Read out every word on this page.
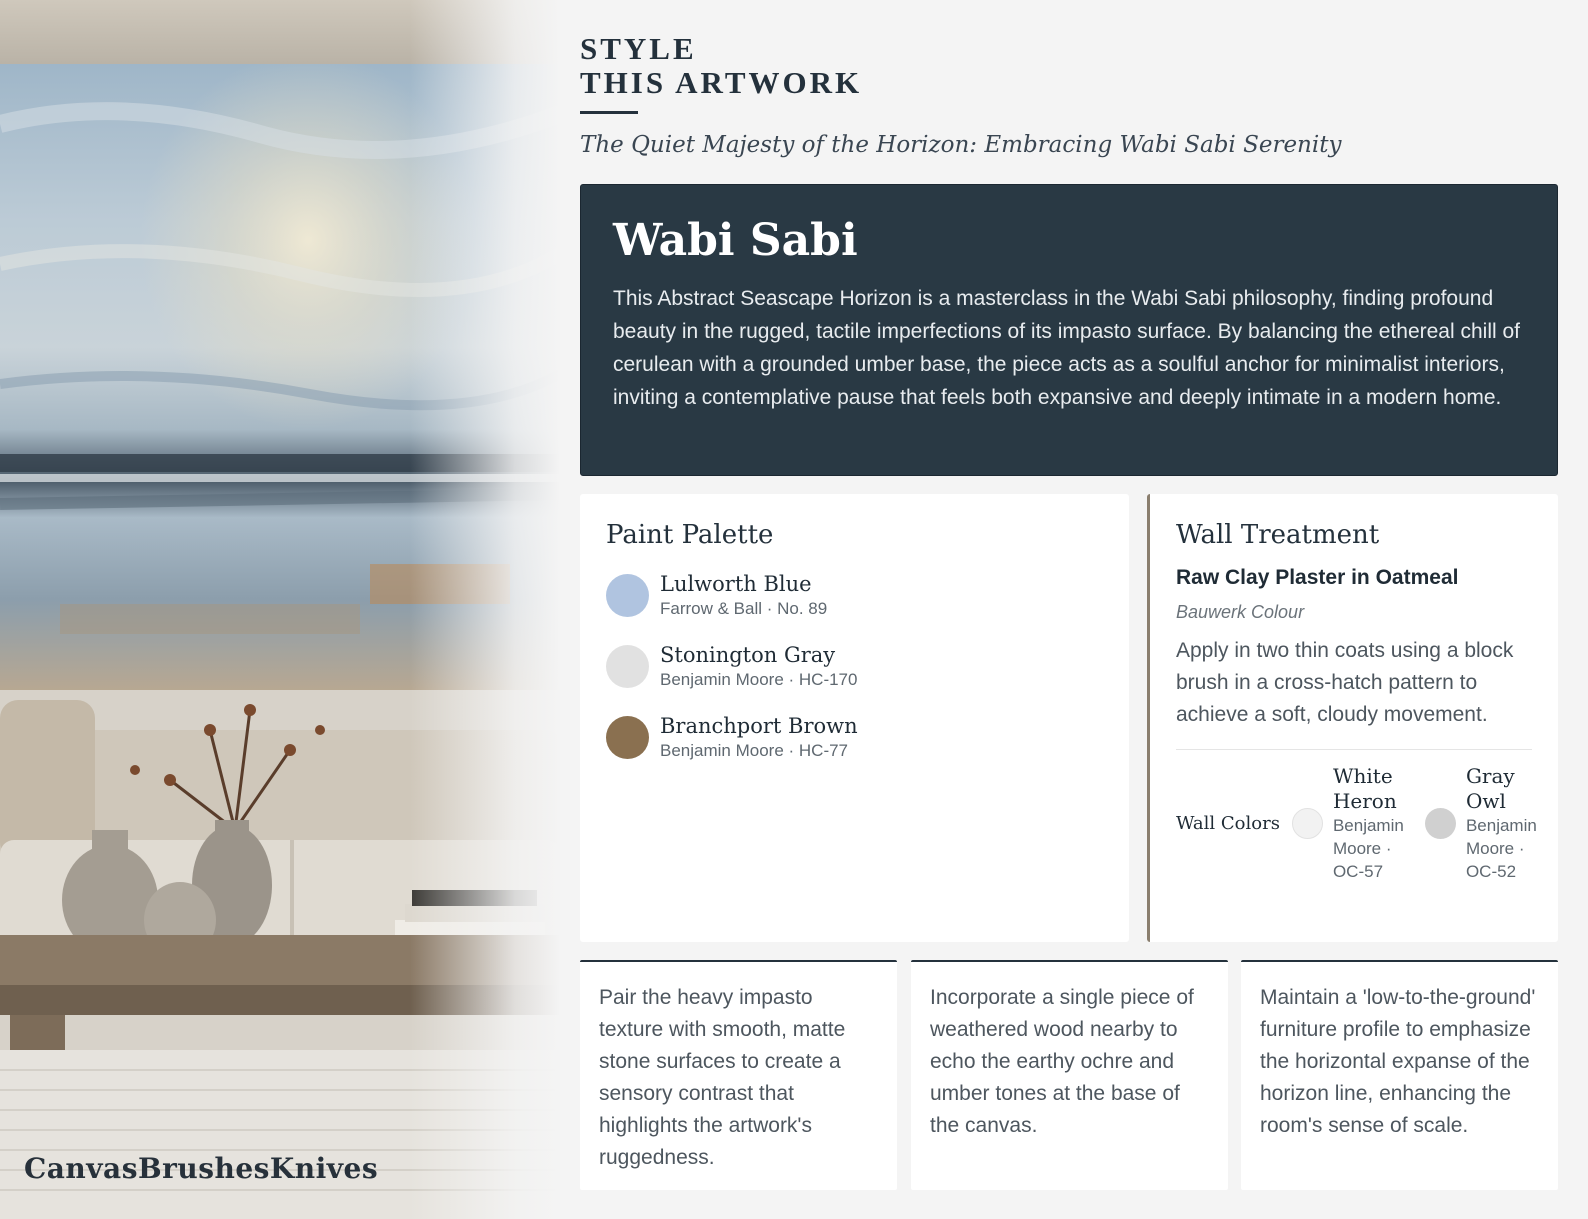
CanvasBrushesKnives
STYLE
THIS ARTWORK
The Quiet Majesty of the Horizon: Embracing Wabi Sabi Serenity
Wabi Sabi

This Abstract Seascape Horizon is a masterclass in the Wabi Sabi philosophy, finding profound beauty in the rugged, tactile imperfections of its impasto surface. By balancing the ethereal chill of cerulean with a grounded umber base, the piece acts as a soulful anchor for minimalist interiors, inviting a contemplative pause that feels both expansive and deeply intimate in a modern home.

Paint Palette
Lulworth Blue
Farrow & Ball · No. 89
Stonington Gray
Benjamin Moore · HC-170
Branchport Brown
Benjamin Moore · HC-77
Wall Treatment
Raw Clay Plaster in Oatmeal
Bauwerk Colour
Apply in two thin coats using a block brush in a cross-hatch pattern to achieve a soft, cloudy movement.
Wall Colors
White Heron
Benjamin Moore · OC-57
Gray Owl
Benjamin Moore · OC-52
Pair the heavy impasto texture with smooth, matte stone surfaces to create a sensory contrast that highlights the artwork's ruggedness.
Incorporate a single piece of weathered wood nearby to echo the earthy ochre and umber tones at the base of the canvas.
Maintain a 'low-to-the-ground' furniture profile to emphasize the horizontal expanse of the horizon line, enhancing the room's sense of scale.
